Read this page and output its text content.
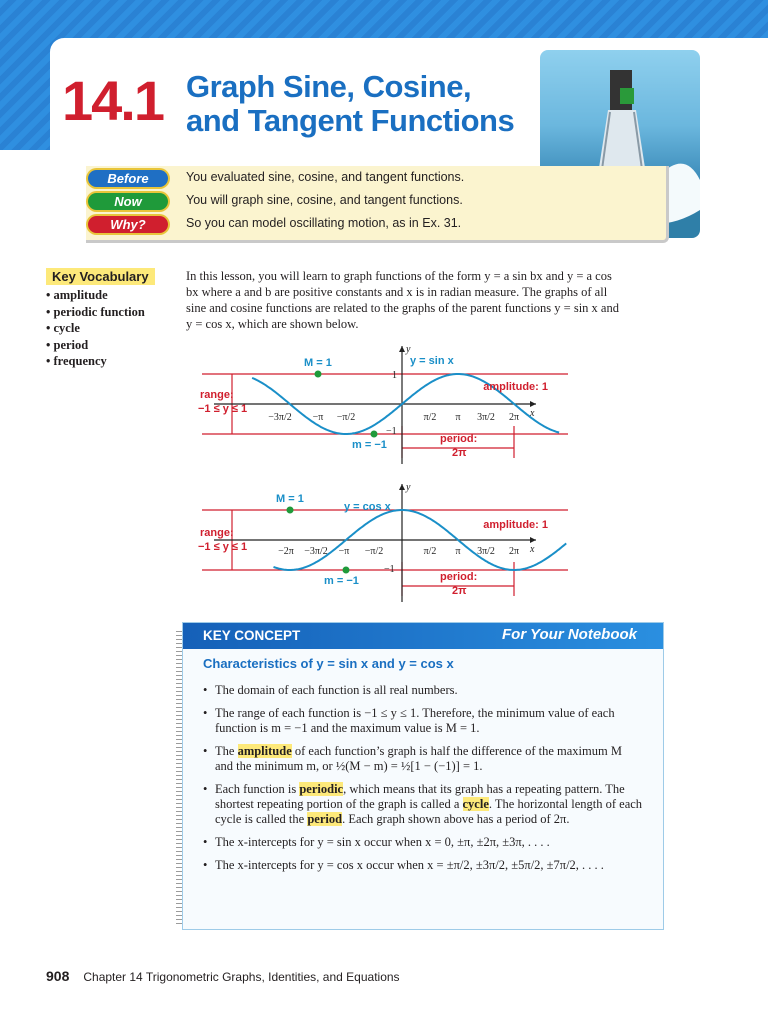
14.1 Graph Sine, Cosine,
and Tangent Functions
Before	You evaluated sine, cosine, and tangent functions.
Now	You will graph sine, cosine, and tangent functions.
Why?	So you can model oscillating motion, as in Ex. 31.
Key Vocabulary
• amplitude
• periodic function
• cycle
• period
• frequency
In this lesson, you will learn to graph functions of the form y = a sin bx and y = a cos bx where a and b are positive constants and x is in radian measure. The graphs of all sine and cosine functions are related to the graphs of the parent functions y = sin x and y = cos x, which are shown below.
M = 1	y = sin x
range:
−1 ≤ y ≤ 1
amplitude: 1
period:
2π
m = −1
1
−1
x
y
−3π/2 −π −π/2	π/2 π 3π/2 2π
M = 1
y = cos x
range:
−1 ≤ y ≤ 1
amplitude: 1
period:
2π
m = −1
−1
x
y
−2π −3π/2 −π −π/2	π/2 π 3π/2 2π
KEY CONCEPT	For Your Notebook
Characteristics of y = sin x and y = cos x
• The domain of each function is all real numbers.
• The range of each function is −1 ≤ y ≤ 1. Therefore, the minimum value of each function is m = −1 and the maximum value is M = 1.
• The amplitude of each function’s graph is half the difference of the maximum M and the minimum m, or ½(M − m) = ½[1 − (−1)] = 1.
• Each function is periodic, which means that its graph has a repeating pattern. The shortest repeating portion of the graph is called a cycle. The horizontal length of each cycle is called the period. Each graph shown above has a period of 2π.
• The x-intercepts for y = sin x occur when x = 0, ±π, ±2π, ±3π, . . . .
• The x-intercepts for y = cos x occur when x = ±π/2, ±3π/2, ±5π/2, ±7π/2, . . . .
908 Chapter 14 Trigonometric Graphs, Identities, and Equations
